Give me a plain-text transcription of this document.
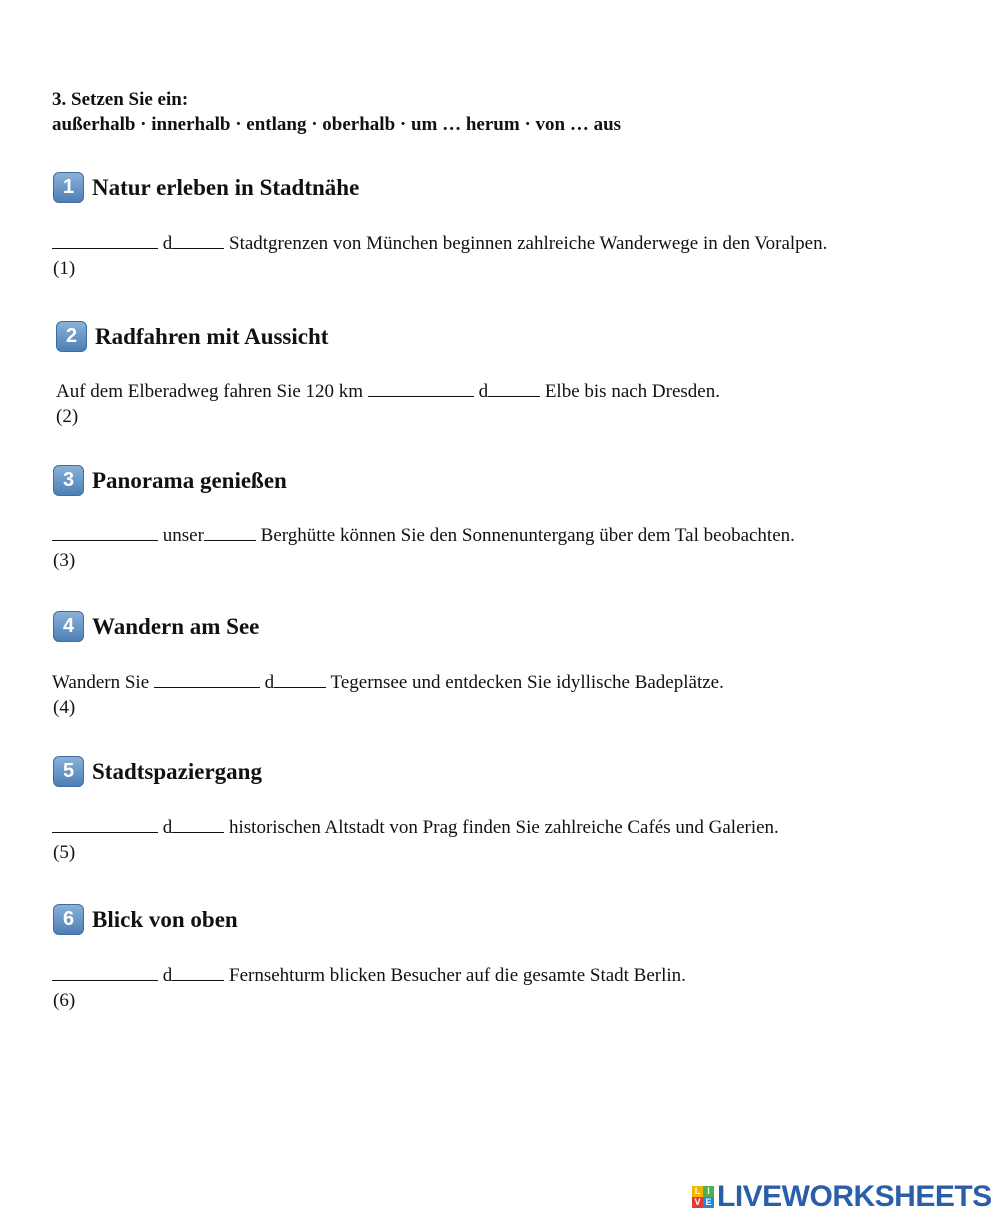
3. Setzen Sie ein:
außerhalb · innerhalb · entlang · oberhalb · um … herum · von … aus
1 Natur erleben in Stadtnähe
d	Stadtgrenzen von München beginnen zahlreiche Wanderwege in den Voralpen.
(1)
2 Radfahren mit Aussicht
Auf dem Elberadweg fahren Sie 120 km	d	Elbe bis nach Dresden.
(2)
3 Panorama genießen
unser	Berghütte können Sie den Sonnenuntergang über dem Tal beobachten.
(3)
4 Wandern am See
Wandern Sie	d	Tegernsee und entdecken Sie idyllische Badeplätze.
(4)
5 Stadtspaziergang
d	historischen Altstadt von Prag finden Sie zahlreiche Cafés und Galerien.
(5)
6 Blick von oben
d	Fernsehturm blicken Besucher auf die gesamte Stadt Berlin.
(6)
L I
V E LIVEWORKSHEETS
